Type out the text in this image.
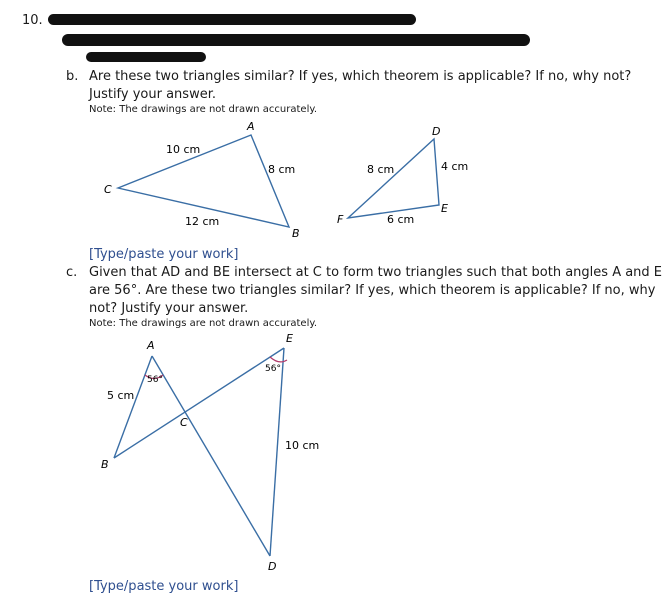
10.
b. Are these two triangles similar? If yes, which theorem is applicable? If no, why not?
Justify your answer.
Note: The drawings are not drawn accurately.
A
C
B
10 cm
8 cm
12 cm
D
E
F
8 cm	4 cm
6 cm
A
B
C
D
E
56°
56°
5 cm
10 cm
[Type/paste your work]
c. Given that AD and BE intersect at C to form two triangles such that both angles A and E
are 56°. Are these two triangles similar? If yes, which theorem is applicable? If no, why
not? Justify your answer.
Note: The drawings are not drawn accurately.
[Type/paste your work]
